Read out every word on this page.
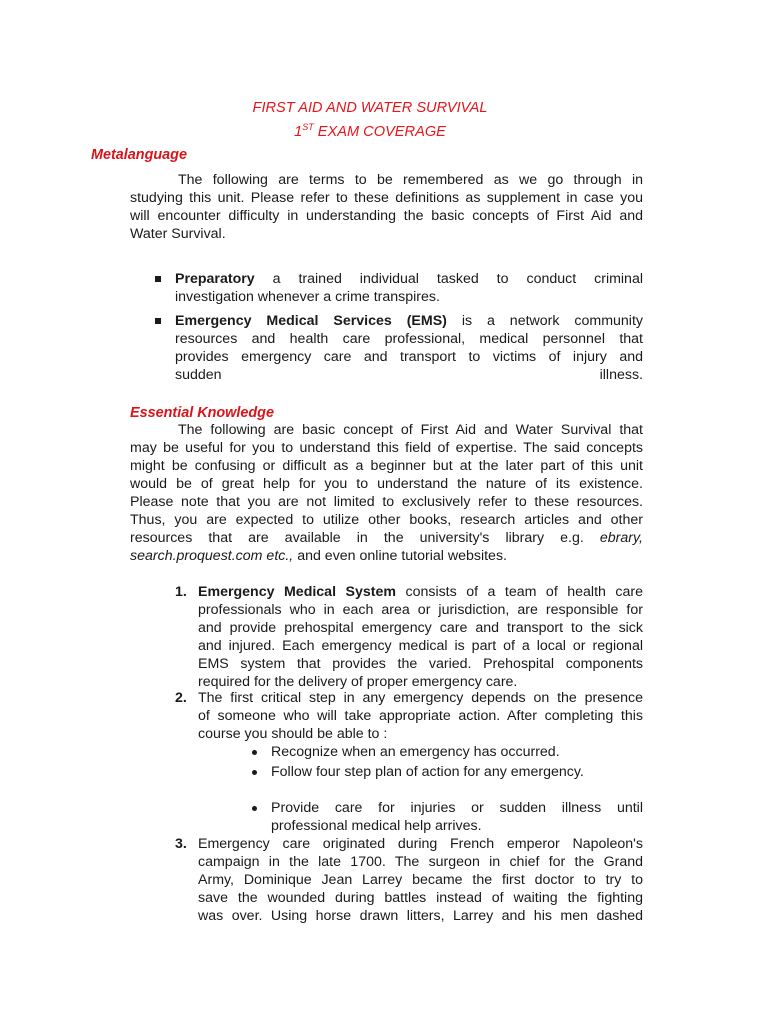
FIRST AID AND WATER SURVIVAL
1ST EXAM COVERAGE
Metalanguage
The following are terms to be remembered as we go through in
studying this unit. Please refer to these definitions as supplement in case you
will encounter difficulty in understanding the basic concepts of First Aid and
Water Survival.
Preparatory a trained individual tasked to conduct criminal
investigation whenever a crime transpires.
Emergency Medical Services (EMS) is a network community
resources and health care professional, medical personnel that
provides emergency care and transport to victims of injury and
sudden illness.
Essential Knowledge
The following are basic concept of First Aid and Water Survival that
may be useful for you to understand this field of expertise. The said concepts
might be confusing or difficult as a beginner but at the later part of this unit
would be of great help for you to understand the nature of its existence.
Please note that you are not limited to exclusively refer to these resources.
Thus, you are expected to utilize other books, research articles and other
resources that are available in the university's library e.g. ebrary,
search.proquest.com etc., and even online tutorial websites.
1. Emergency Medical System consists of a team of health care
professionals who in each area or jurisdiction, are responsible for
and provide prehospital emergency care and transport to the sick
and injured. Each emergency medical is part of a local or regional
EMS system that provides the varied. Prehospital components
required for the delivery of proper emergency care.
2. The first critical step in any emergency depends on the presence
of someone who will take appropriate action. After completing this
course you should be able to :
Recognize when an emergency has occurred.
Follow four step plan of action for any emergency.
Provide care for injuries or sudden illness until
professional medical help arrives.
3. Emergency care originated during French emperor Napoleon's
campaign in the late 1700. The surgeon in chief for the Grand
Army, Dominique Jean Larrey became the first doctor to try to
save the wounded during battles instead of waiting the fighting
was over. Using horse drawn litters, Larrey and his men dashed
